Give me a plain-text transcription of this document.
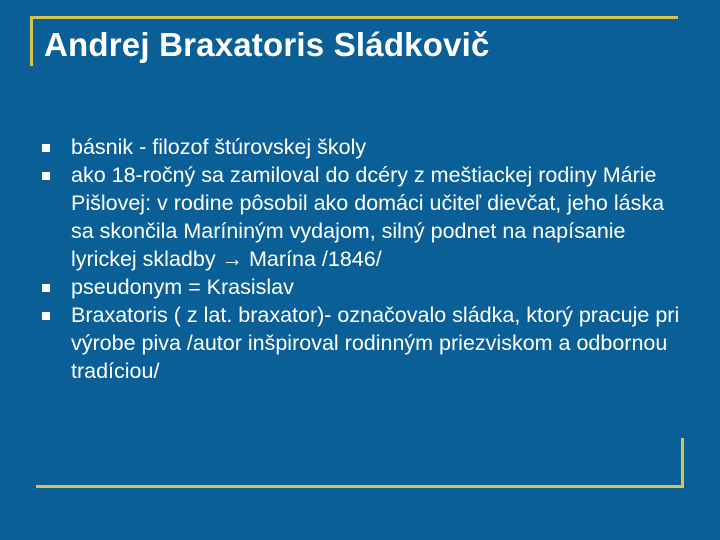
Andrej Braxatoris Sládkovič
básnik - filozof štúrovskej školy
ako 18-ročný sa zamiloval do dcéry z meštiackej rodiny Márie Pišlovej: v rodine pôsobil ako domáci učiteľ dievčat, jeho láska sa skončila Maríniným vydajom, silný podnet na napísanie lyrickej skladby → Marína /1846/
pseudonym = Krasislav
Braxatoris ( z lat. braxator)- označovalo sládka, ktorý pracuje pri výrobe piva /autor inšpiroval rodinným priezviskom a odbornou tradíciou/
